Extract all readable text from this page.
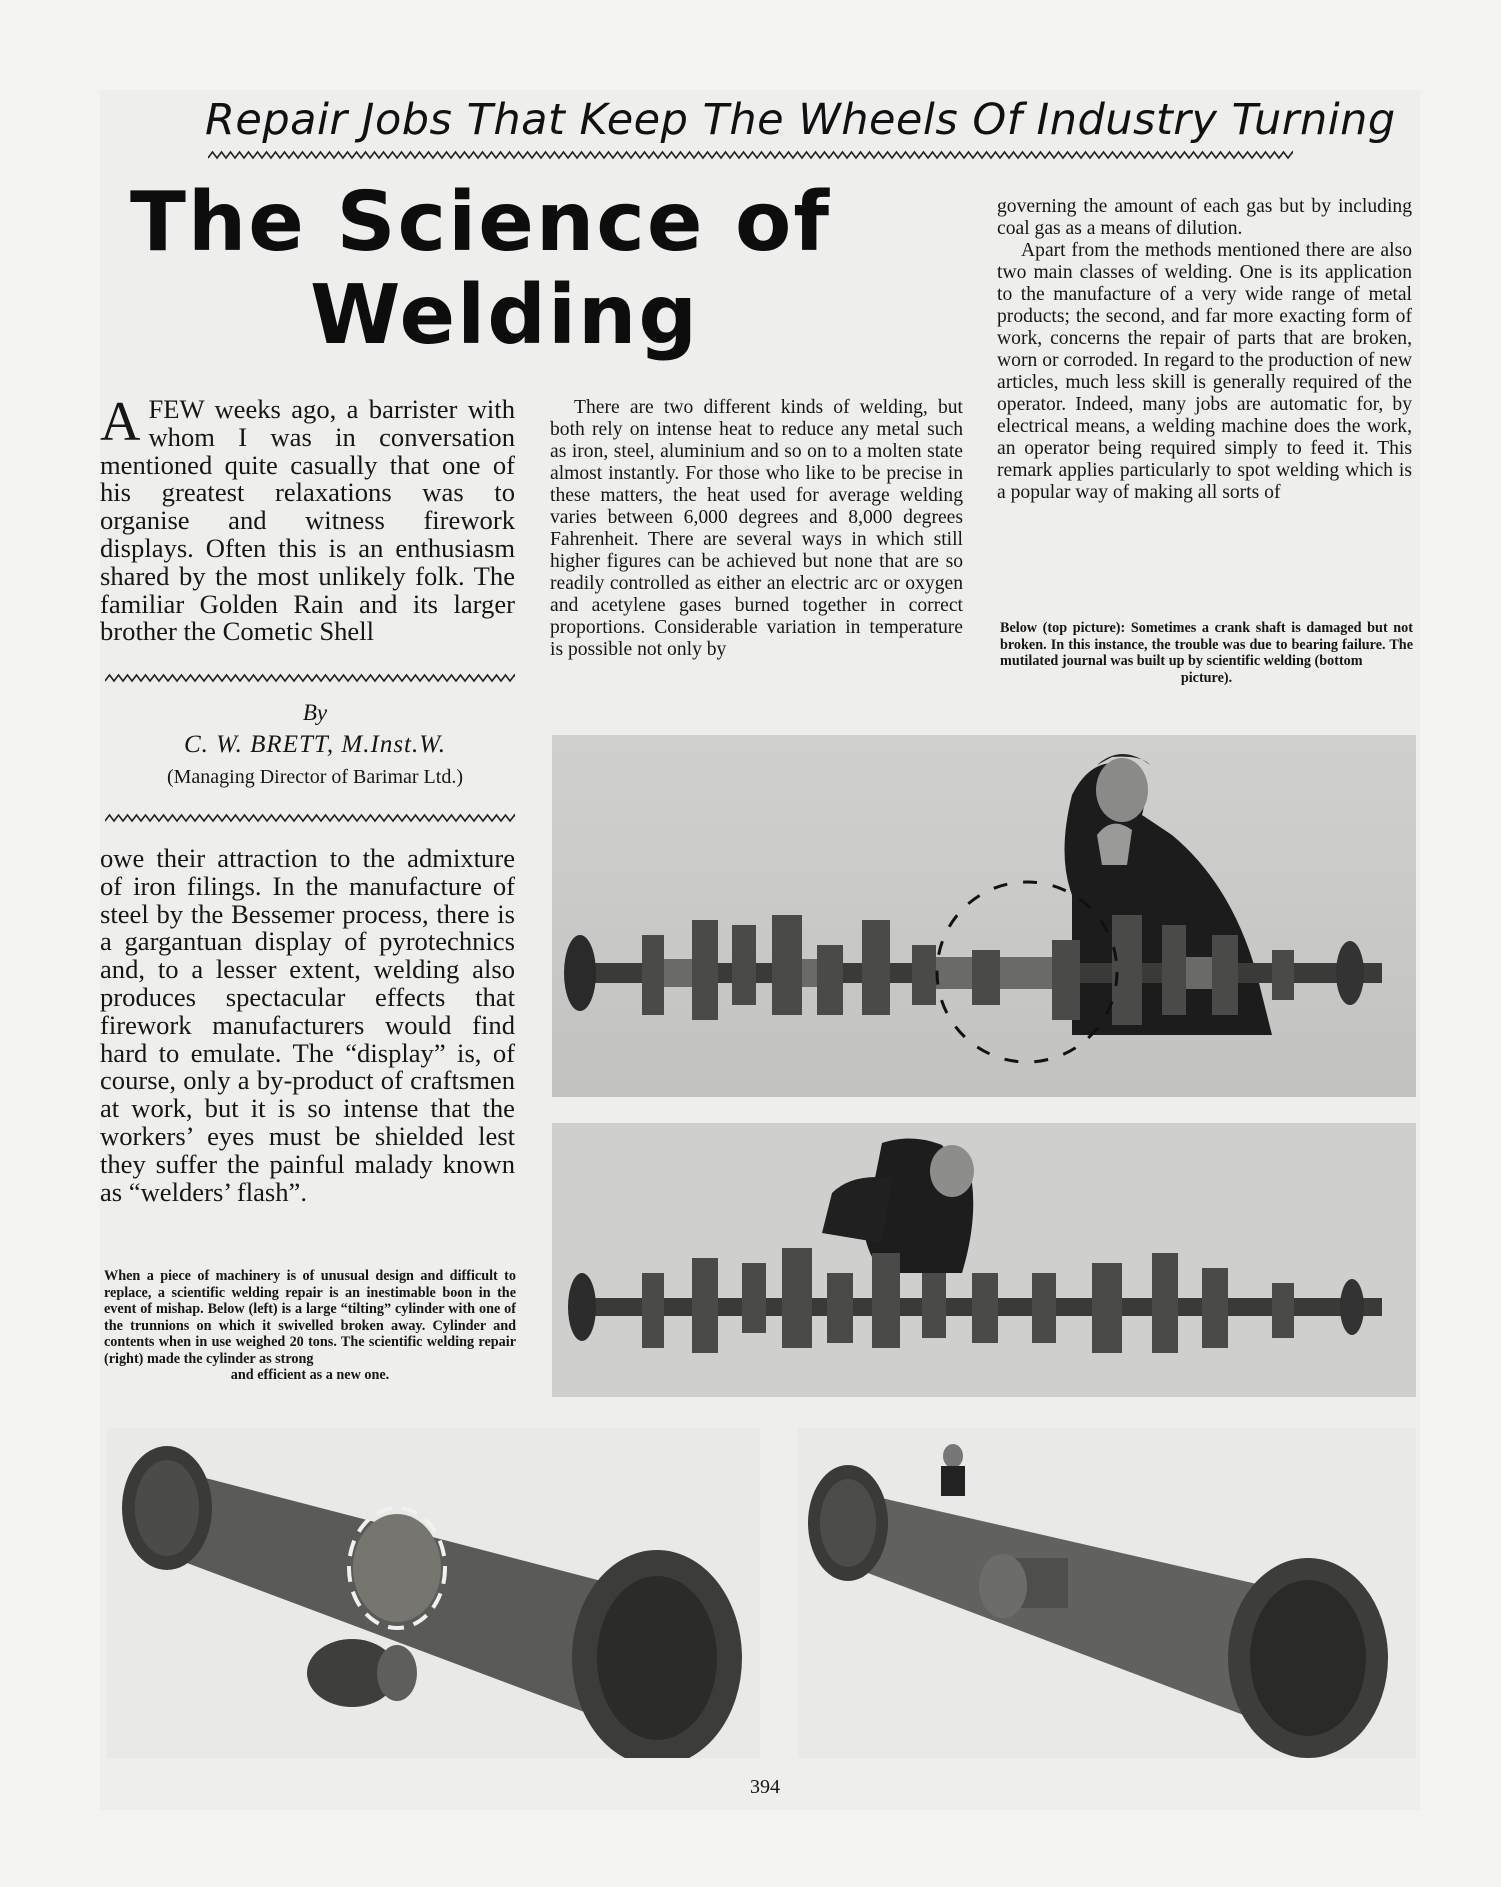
Repair Jobs That Keep The Wheels Of Industry Turning
The Science of
Welding
A FEW weeks ago, a barrister with whom I was in conversation mentioned quite casually that one of his greatest relaxations was to organise and witness firework displays. Often this is an enthusiasm shared by the most unlikely folk. The familiar Golden Rain and its larger brother the Cometic Shell
By
C. W. BRETT, M.Inst.W.
(Managing Director of Barimar Ltd.)
owe their attraction to the admixture of iron filings. In the manufacture of steel by the Bessemer process, there is a gargantuan display of pyrotechnics and, to a lesser extent, welding also produces spectacular effects that firework manufacturers would find hard to emulate. The “display” is, of course, only a by-product of craftsmen at work, but it is so intense that the workers’ eyes must be shielded lest they suffer the painful malady known as “welders’ flash”.
When a piece of machinery is of unusual design and difficult to replace, a scientific welding repair is an inestimable boon in the event of mishap. Below (left) is a large “tilting” cylinder with one of the trunnions on which it swivelled broken away. Cylinder and contents when in use weighed 20 tons. The scientific welding repair (right) made the cylinder as strong
and efficient as a new one.
There are two different kinds of welding, but both rely on intense heat to reduce any metal such as iron, steel, aluminium and so on to a molten state almost instantly. For those who like to be precise in these matters, the heat used for average welding varies between 6,000 degrees and 8,000 degrees Fahrenheit. There are several ways in which still higher figures can be achieved but none that are so readily controlled as either an electric arc or oxygen and acetylene gases burned together in correct proportions. Considerable variation in temperature is possible not only by

governing the amount of each gas but by including coal gas as a means of dilution.

Apart from the methods mentioned there are also two main classes of welding. One is its application to the manufacture of a very wide range of metal products; the second, and far more exacting form of work, concerns the repair of parts that are broken, worn or corroded. In regard to the production of new articles, much less skill is generally required of the operator. Indeed, many jobs are automatic for, by electrical means, a welding machine does the work, an operator being required simply to feed it. This remark applies particularly to spot welding which is a popular way of making all sorts of

Below (top picture): Sometimes a crank shaft is damaged but not broken. In this instance, the trouble was due to bearing failure. The mutilated journal was built up by scientific welding (bottom
picture).
394
